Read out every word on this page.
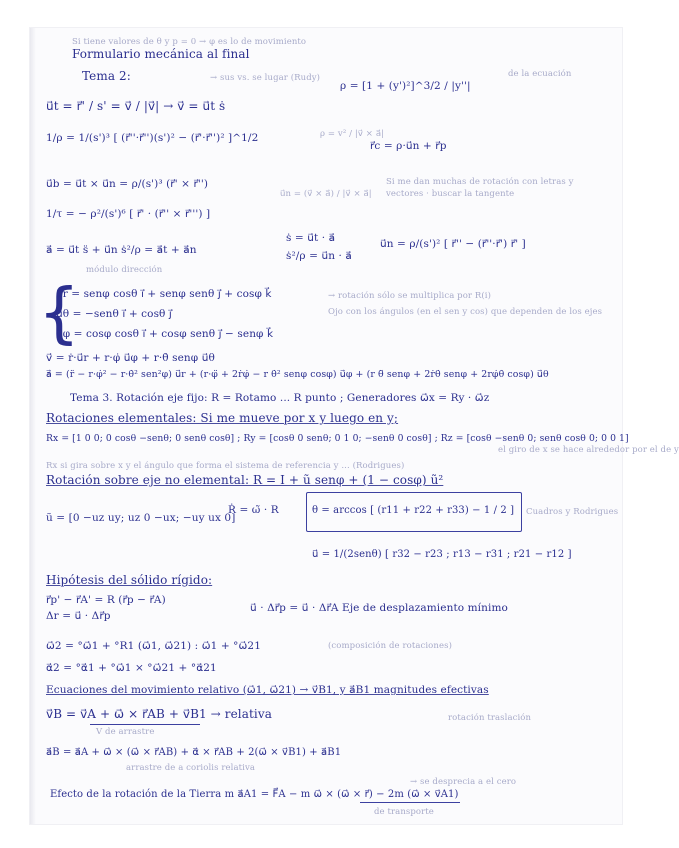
Si tiene valores de θ y p = 0 → φ es lo de movimiento
Formulario mecánica al final
Tema 2:	→ sus vs. se lugar (Rudy)
ρ = [1 + (y')²]^3/2 / |y''|
de la ecuación
u⃗t = r⃗' / s' = v⃗ / |v⃗| → v⃗ = u⃗t ṡ
1/ρ = 1/(s')³ [ (r⃗''·r⃗'')(s')² − (r⃗'·r⃗'')² ]^1/2	ρ = v² / |v⃗ × a⃗|
r⃗c = ρ·u⃗n + r⃗p
u⃗b = u⃗t × u⃗n = ρ/(s')³ (r⃗' × r⃗'')
u⃗n = (v⃗ × a⃗) / |v⃗ × a⃗|
Si me dan muchas de rotación con letras y
vectores · buscar la tangente
1/τ = − ρ²/(s')⁶ [ r⃗' · (r⃗'' × r⃗''') ]
ṡ = u⃗t · a⃗
a⃗ = u⃗t s̈ + u⃗n ṡ²/ρ = a⃗t + a⃗n	ṡ²/ρ = u⃗n · a⃗
u⃗n = ρ/(s')² [ r⃗'' − (r⃗''·r⃗') r⃗' ]
módulo dirección
{
u⃗r = senφ cosθ i⃗ + senφ senθ j⃗ + cosφ k⃗	→ rotación sólo se multiplica por R(i)
u⃗θ = −senθ i⃗ + cosθ j⃗	Ojo con los ángulos (en el sen y cos) que dependen de los ejes
u⃗φ = cosφ cosθ i⃗ + cosφ senθ j⃗ − senφ k⃗
v⃗ = ṙ·u⃗r + r·φ̇ u⃗φ + r·θ̇ senφ u⃗θ
a⃗ = (r̈ − r·φ̇² − r·θ̇² sen²φ) u⃗r + (r·φ̈ + 2ṙφ̇ − r θ̇² senφ cosφ) u⃗φ + (r θ̈ senφ + 2ṙθ̇ senφ + 2rφ̇θ̇ cosφ) u⃗θ
Tema 3. Rotación eje fijo: R = Rotamo ... R punto ; Generadores ω⃗x = Ry · ω⃗z
Rotaciones elementales: Si me mueve por x y luego en y;
Rx = [1 0 0; 0 cosθ −senθ; 0 senθ cosθ] ; Ry = [cosθ 0 senθ; 0 1 0; −senθ 0 cosθ] ; Rz = [cosθ −senθ 0; senθ cosθ 0; 0 0 1]
el giro de x se hace alrededor por el de y
Rx si gira sobre x y el ángulo que forma el sistema de referencia y ... (Rodrigues)
Rotación sobre eje no elemental: R = I + ũ senφ + (1 − cosφ) ũ²
ũ = [0 −uz uy; uz 0 −ux; −uy ux 0]
Ṙ = ω̃ · R	θ = arccos [ (r11 + r22 + r33) − 1 / 2 ] Cuadros y Rodrigues
u⃗ = 1/(2senθ) [ r32 − r23 ; r13 − r31 ; r21 − r12 ]
Hipótesis del sólido rígido:
r⃗p' − r⃗A' = R (r⃗p − r⃗A)
u⃗ · Δr⃗p = u⃗ · Δr⃗A Eje de desplazamiento mínimo
Δr = u⃗ · Δr⃗p
ω⃗2 = °ω⃗1 + °R1 (ω⃗1, ω⃗21) : ω⃗1 + °ω⃗21	(composición de rotaciones)
α⃗2 = °α⃗1 + °ω⃗1 × °ω⃗21 + °α⃗21
Ecuaciones del movimiento relativo (ω⃗1, ω⃗21) → v⃗B1, y a⃗B1 magnitudes efectivas
v⃗B = v⃗A + ω⃗ × r⃗AB + v⃗B1 → relativa	rotación traslación
V de arrastre
a⃗B = a⃗A + ω⃗ × (ω⃗ × r⃗AB) + α⃗ × r⃗AB + 2(ω⃗ × v⃗B1) + a⃗B1
arrastre de a coriolis relativa
Efecto de la rotación de la Tierra m a⃗A1 = F⃗A − m ω⃗ × (ω⃗ × r⃗) − 2m (ω⃗ × v⃗A1)
→ se desprecia a el cero
de transporte
